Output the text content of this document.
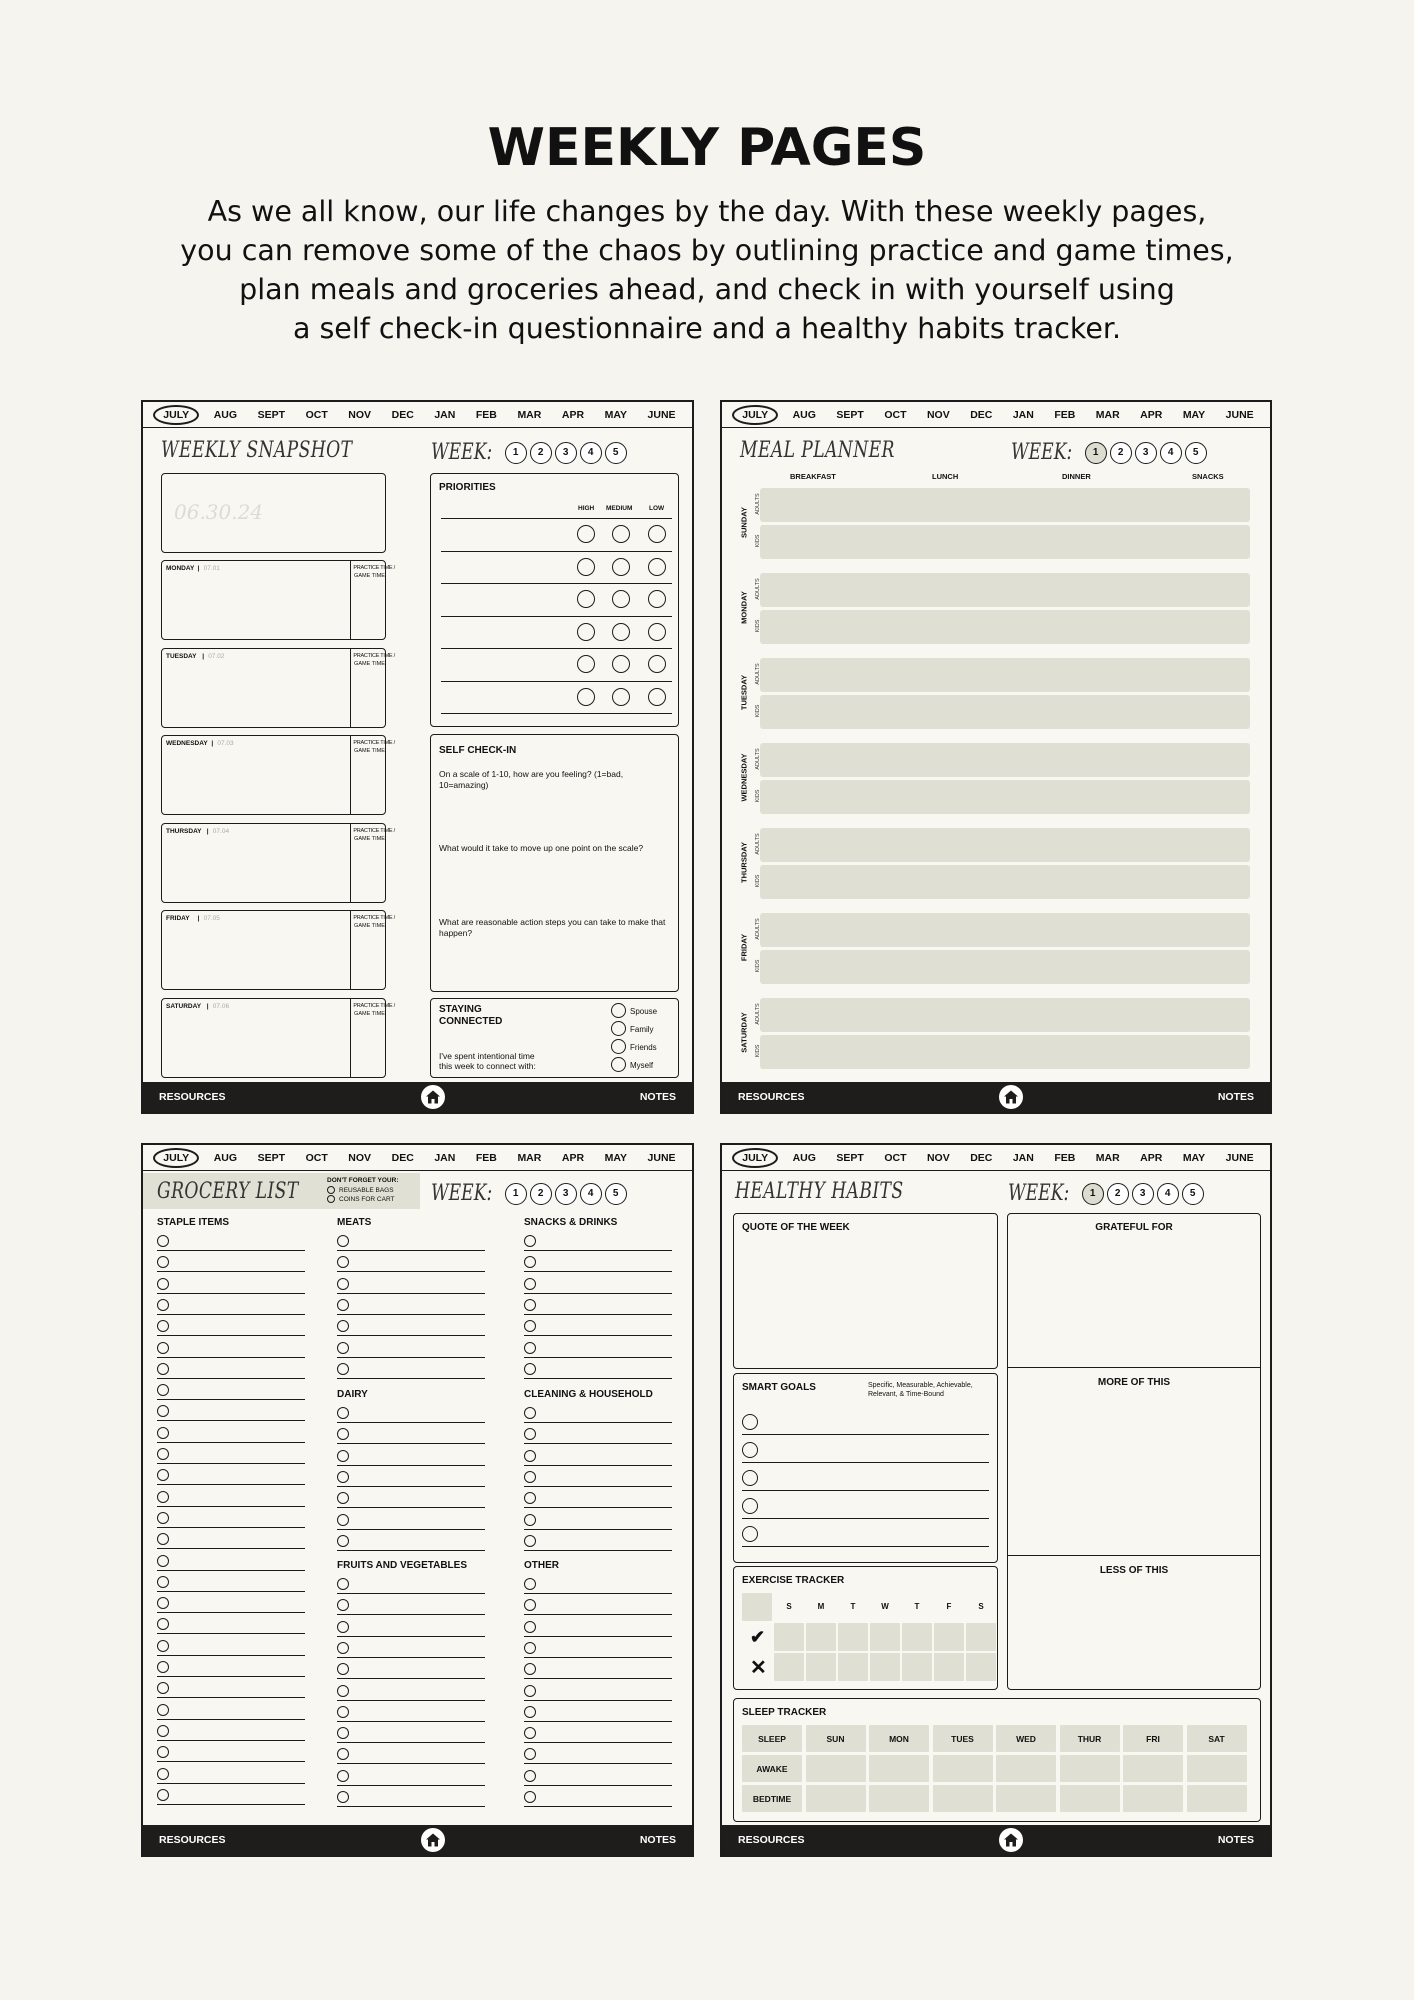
WEEKLY PAGES
As we all know, our life changes by the day. With these weekly pages,
you can remove some of the chaos by outlining practice and game times,
plan meals and groceries ahead, and check in with yourself using
a self check-in questionnaire and a healthy habits tracker.
JULY	AUG	SEPT	OCT	NOV	DEC	JAN	FEB	MAR	APR	MAY	JUNE
WEEKLY SNAPSHOT	WEEK:	1	2	3	4	5
06.30.24
PRIORITIES
HIGH MEDIUM	LOW
SELF CHECK-IN
On a scale of 1-10, how are you feeling? (1=bad, 10=amazing)
What would it take to move up one point on the scale?
What are reasonable action steps you can take to make that happen?
STAYING
CONNECTED
I've spent intentional time
this week to connect with:
Spouse
Family
Friends
Myself
RESOURCES	NOTES
MONDAY | 07.01	PRACTICE TIME /
GAME TIME
TUESDAY | 07.02	PRACTICE TIME /
GAME TIME
WEDNESDAY | 07.03	PRACTICE TIME /
GAME TIME
THURSDAY | 07.04	PRACTICE TIME /
GAME TIME
FRIDAY | 07.05	PRACTICE TIME /
GAME TIME
SATURDAY | 07.06	PRACTICE TIME /
GAME TIME
JULY	AUG	SEPT	OCT	NOV	DEC	JAN	FEB	MAR	APR	MAY	JUNE
MEAL PLANNER	WEEK:	1	2	3	4	5
BREAKFAST	LUNCH	DINNER	SNACKS
RESOURCES	NOTES
SUNDAY
ADULTS
KIDS
MONDAY
ADULTS
KIDS
TUESDAY
ADULTS
KIDS
WEDNESDAY ADULTS
KIDS
THURSDAY ADULTS
KIDS
FRIDAY
ADULTS
KIDS
SATURDAY ADULTS
KIDS
JULY	AUG	SEPT	OCT	NOV	DEC	JAN	FEB	MAR	APR	MAY	JUNE
GROCERY LIST	DON'T FORGET YOUR:
REUSABLE BAGS
COINS FOR CART WEEK:	1	2	3	4	5
STAPLE ITEMS	MEATS
DAIRY
FRUITS AND VEGETABLES
SNACKS & DRINKS
CLEANING & HOUSEHOLD
OTHER
RESOURCES	NOTES
JULY	AUG	SEPT	OCT	NOV	DEC	JAN	FEB	MAR	APR	MAY	JUNE
HEALTHY HABITS	WEEK:	1	2	3	4	5
QUOTE OF THE WEEK	GRATEFUL FOR
MORE OF THIS
LESS OF THIS
SMART GOALS	Specific, Measurable, Achievable,
Relevant, & Time-Bound
EXERCISE TRACKER
S	M	T	W	T	F	S
✔
✕
SLEEP TRACKER
SLEEP	SUN	MON	TUES	WED	THUR	FRI	SAT
AWAKE
BEDTIME
RESOURCES	NOTES
